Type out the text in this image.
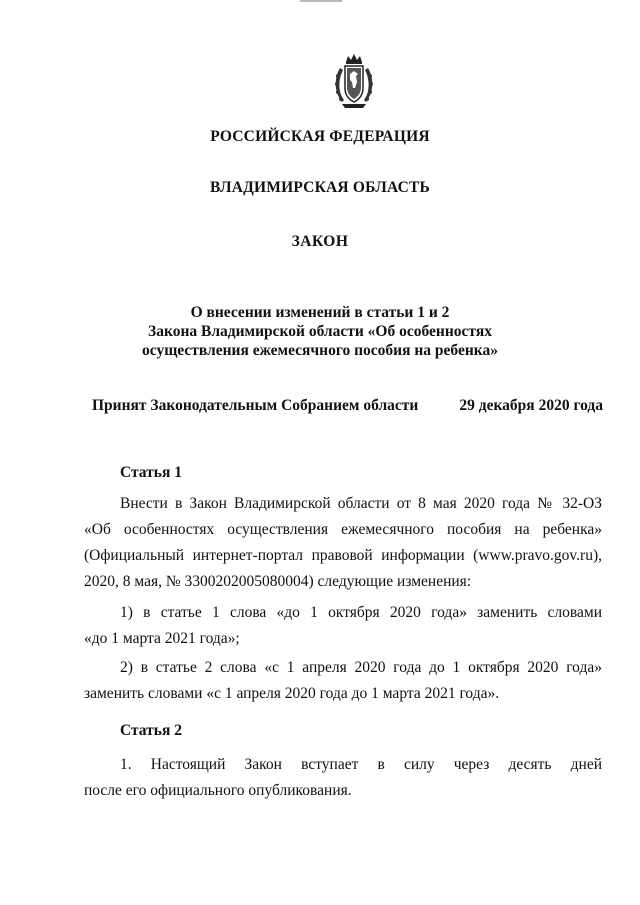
РОССИЙСКАЯ ФЕДЕРАЦИЯ
ВЛАДИМИРСКАЯ ОБЛАСТЬ
ЗАКОН
О внесении изменений в статьи 1 и 2
Закона Владимирской области «Об особенностях
осуществления ежемесячного пособия на ребенка»
Принят Законодательным Собранием области	29 декабря 2020 года
Статья 1
Внести в Закон Владимирской области от 8 мая 2020 года № 32-ОЗ
«Об особенностях осуществления ежемесячного пособия на ребенка»
(Официальный интернет-портал правовой информации (www.pravo.gov.ru),
2020, 8 мая, № 3300202005080004) следующие изменения:
1) в статье 1 слова «до 1 октября 2020 года» заменить словами
«до 1 марта 2021 года»;
2) в статье 2 слова «с 1 апреля 2020 года до 1 октября 2020 года»
заменить словами «с 1 апреля 2020 года до 1 марта 2021 года».
Статья 2
1. Настоящий Закон вступает в силу через десять дней
после его официального опубликования.
